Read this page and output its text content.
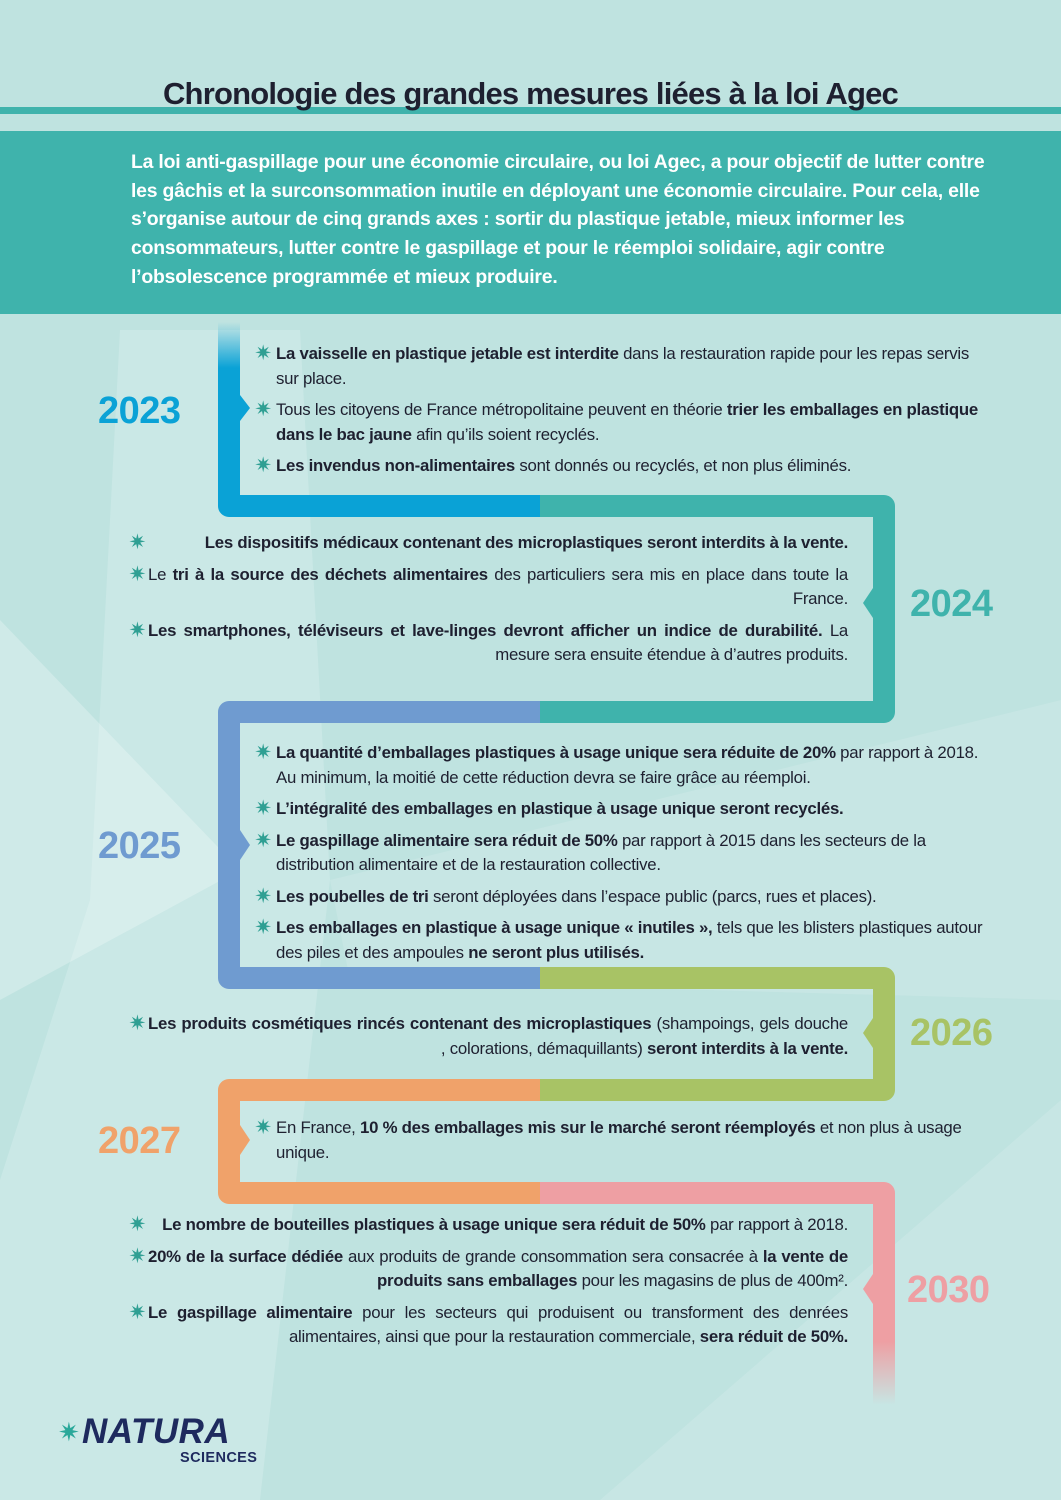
Chronologie des grandes mesures liées à la loi Agec
La loi anti-gaspillage pour une économie circulaire, ou loi Agec, a pour objectif de lutter contre les gâchis et la surconsommation inutile en déployant une économie circulaire. Pour cela, elle s’organise autour de cinq grands axes : sortir du plastique jetable, mieux informer les consommateurs, lutter contre le gaspillage et pour le réemploi solidaire, agir contre l’obsolescence programmée et mieux produire.
2023
✷ La vaisselle en plastique jetable est interdite dans la restauration rapide pour les repas servis sur place.
✷ Tous les citoyens de France métropolitaine peuvent en théorie trier les emballages en plastique dans le bac jaune afin qu’ils soient recyclés.
✷ Les invendus non-alimentaires sont donnés ou recyclés, et non plus éliminés.
2024
✷	Les dispositifs médicaux contenant des microplastiques seront interdits à la vente.
✷ Le tri à la source des déchets alimentaires des particuliers sera mis en place dans toute la France.
✷ Les smartphones, téléviseurs et lave-linges devront afficher un indice de durabilité. La mesure sera ensuite étendue à d’autres produits.
2025
✷ La quantité d’emballages plastiques à usage unique sera réduite de 20% par rapport à 2018. Au minimum, la moitié de cette réduction devra se faire grâce au réemploi.
✷ L’intégralité des emballages en plastique à usage unique seront recyclés.
✷ Le gaspillage alimentaire sera réduit de 50% par rapport à 2015 dans les secteurs de la distribution alimentaire et de la restauration collective.
✷ Les poubelles de tri seront déployées dans l’espace public (parcs, rues et places).
✷ Les emballages en plastique à usage unique « inutiles », tels que les blisters plastiques autour des piles et des ampoules ne seront plus utilisés.
2026
✷ Les produits cosmétiques rincés contenant des microplastiques (shampoings, gels douche , colorations, démaquillants) seront interdits à la vente.
2027	✷ En France, 10 % des emballages mis sur le marché seront réemployés et non plus à usage unique.
2030
✷ Le nombre de bouteilles plastiques à usage unique sera réduit de 50% par rapport à 2018.
✷ 20% de la surface dédiée aux produits de grande consommation sera consacrée à la vente de produits sans emballages pour les magasins de plus de 400m².
✷ Le gaspillage alimentaire pour les secteurs qui produisent ou transforment des denrées alimentaires, ainsi que pour la restauration commerciale, sera réduit de 50%.
✷ NATURA
SCIENCES
